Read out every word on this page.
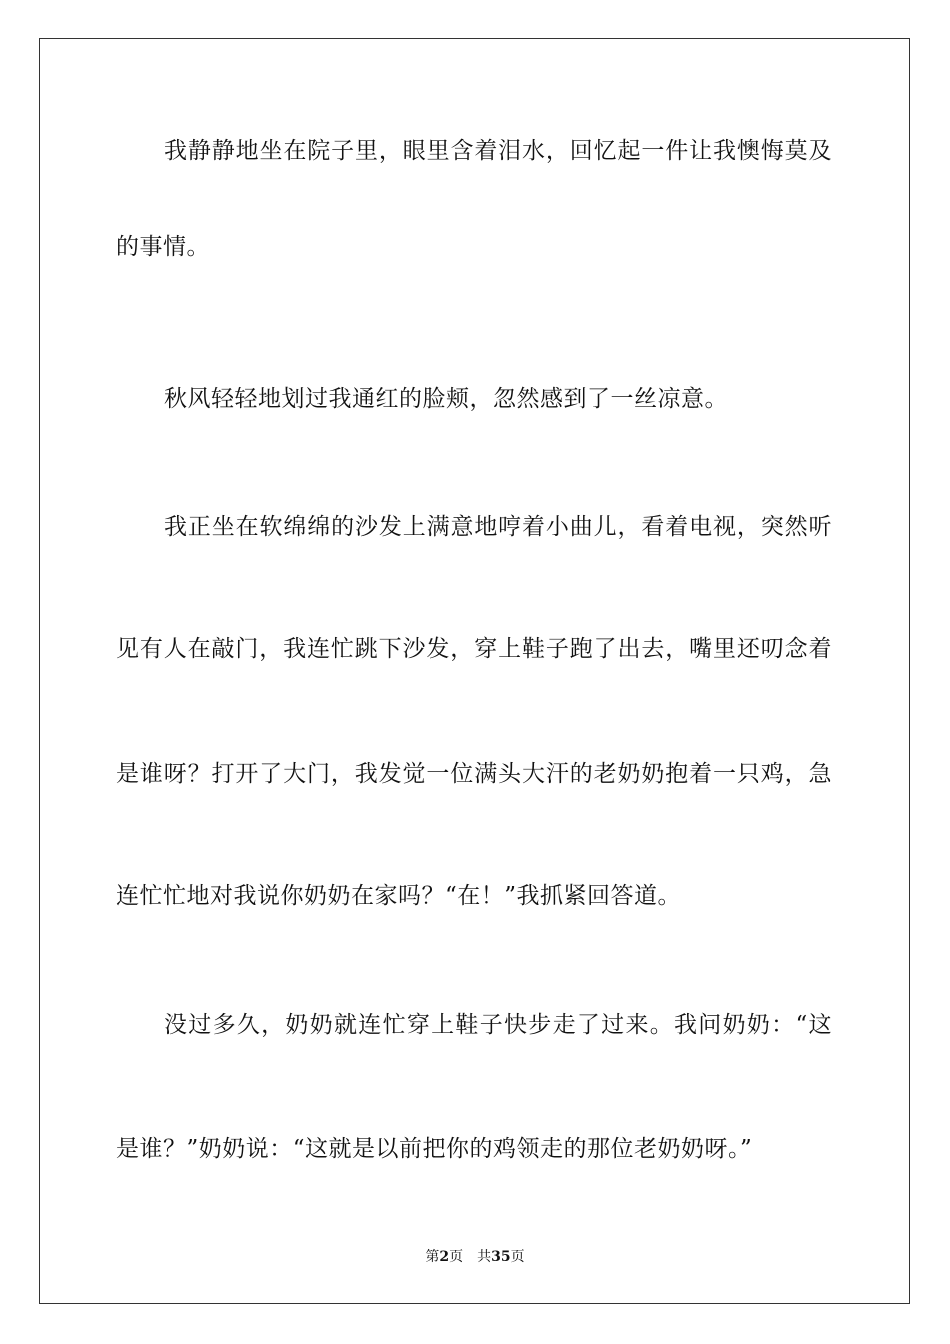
我静静地坐在院子里，眼里含着泪水，回忆起一件让我懊悔莫及
的事情。
秋风轻轻地划过我通红的脸颊，忽然感到了一丝凉意。
我正坐在软绵绵的沙发上满意地哼着小曲儿，看着电视，突然听
见有人在敲门，我连忙跳下沙发，穿上鞋子跑了出去，嘴里还叨念着
是谁呀？打开了大门，我发觉一位满头大汗的老奶奶抱着一只鸡，急
连忙忙地对我说你奶奶在家吗？“在！”我抓紧回答道。
没过多久，奶奶就连忙穿上鞋子快步走了过来。我问奶奶：“这
是谁？”奶奶说：“这就是以前把你的鸡领走的那位老奶奶呀。”
第2页 共35页
